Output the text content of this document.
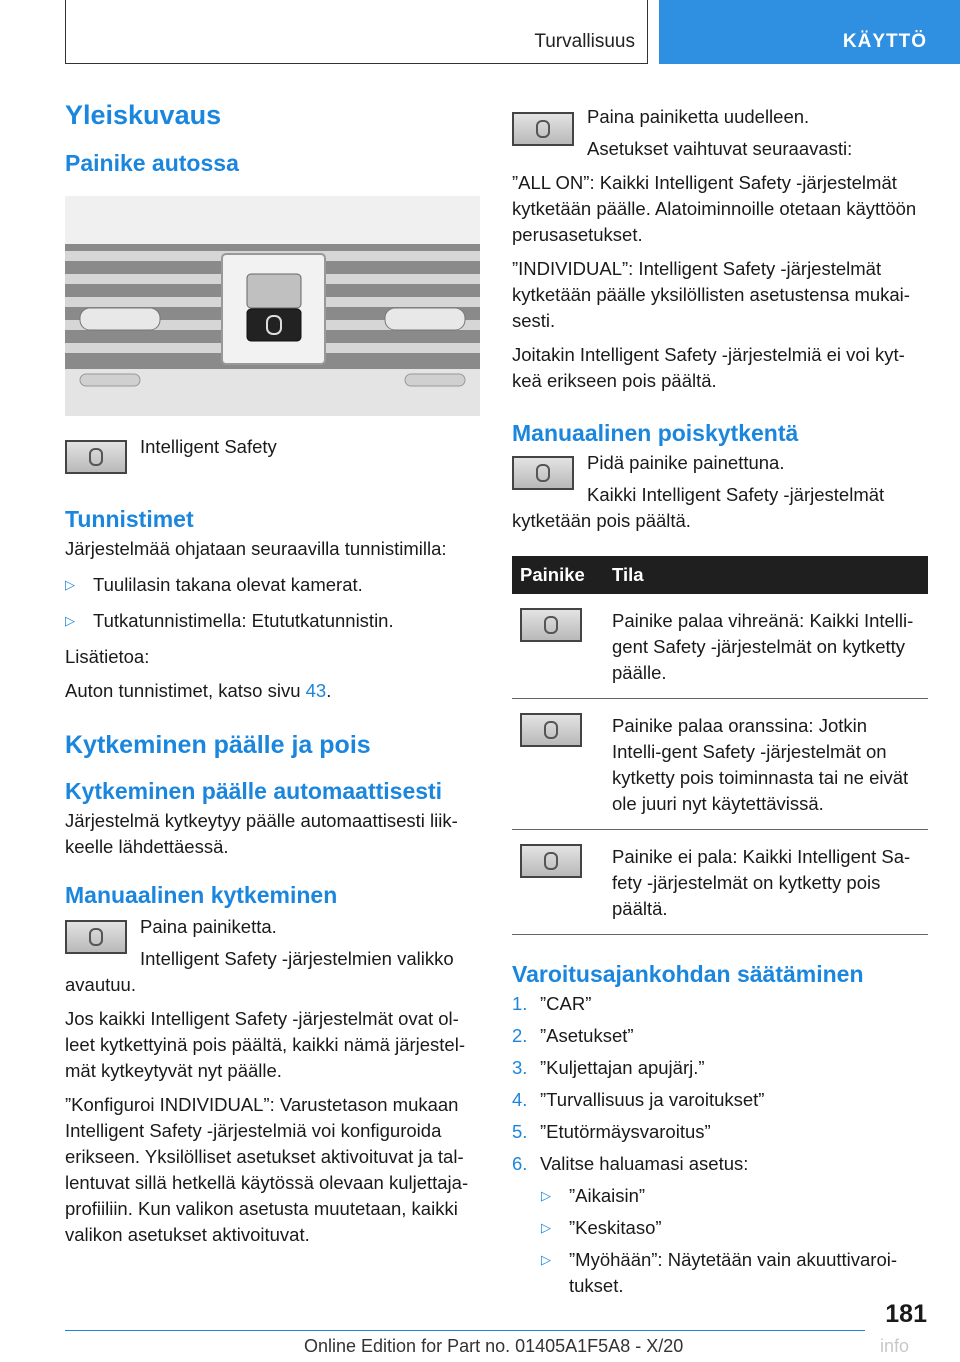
Turvallisuus	KÄYTTÖ
Yleiskuvaus
Painike autossa
Intelligent Safety
Tunnistimet

Järjestelmää ohjataan seuraavilla tunnistimilla:

▷ Tuulilasin takana olevat kamerat.
▷ Tutkatunnistimella: Etututkatunnistin.

Lisätietoa:

Auton tunnistimet, katso sivu 43.

Kytkeminen päälle ja pois
Kytkeminen päälle automaattisesti

Järjestelmä kytkeytyy päälle automaattisesti liik-keelle lähdettäessä.

Manuaalinen kytkeminen
Paina painiketta.
Intelligent Safety -järjestelmien valikko

avautuu.

Jos kaikki Intelligent Safety -järjestelmät ovat ol-leet kytkettyinä pois päältä, kaikki nämä järjestel-mät kytkeytyvät nyt päälle.

”Konfiguroi INDIVIDUAL”: Varustetason mukaan Intelligent Safety -järjestelmiä voi konfiguroida erikseen. Yksilölliset asetukset aktivoituvat ja tal-lentuvat sillä hetkellä käytössä olevaan kuljettaja-profiiliin. Kun valikon asetusta muutetaan, kaikki valikon asetukset aktivoituvat.

Paina painiketta uudelleen.
Asetukset vaihtuvat seuraavasti:

”ALL ON”: Kaikki Intelligent Safety -järjestelmät kytketään päälle. Alatoiminnoille otetaan käyttöön perusasetukset.

”INDIVIDUAL”: Intelligent Safety -järjestelmät kytketään päälle yksilöllisten asetustensa mukai-sesti.

Joitakin Intelligent Safety -järjestelmiä ei voi kyt-keä erikseen pois päältä.

Manuaalinen poiskytkentä
Pidä painike painettuna.
Kaikki Intelligent Safety -järjestelmät

kytketään pois päältä.

Painike	Tila

	Painike palaa vihreänä: Kaikki Intelli-gent Safety -järjestelmät on kytketty päälle.

	Painike palaa oranssina: Jotkin Intelli-gent Safety -järjestelmät on kytketty pois toiminnasta tai ne eivät ole juuri nyt käytettävissä.

	Painike ei pala: Kaikki Intelligent Sa-fety -järjestelmät on kytketty pois päältä.
Varoitusajankohdan säätäminen
1. ”CAR”
2. ”Asetukset”
3. ”Kuljettajan apujärj.”
4. ”Turvallisuus ja varoitukset”
5. ”Etutörmäysvaroitus”
6. Valitse haluamasi asetus:
▷ ”Aikaisin”
▷ ”Keskitaso”
▷ ”Myöhään”: Näytetään vain akuuttivaroi-tukset.
181
Online Edition for Part no. 01405A1F5A8 - X/20	info
